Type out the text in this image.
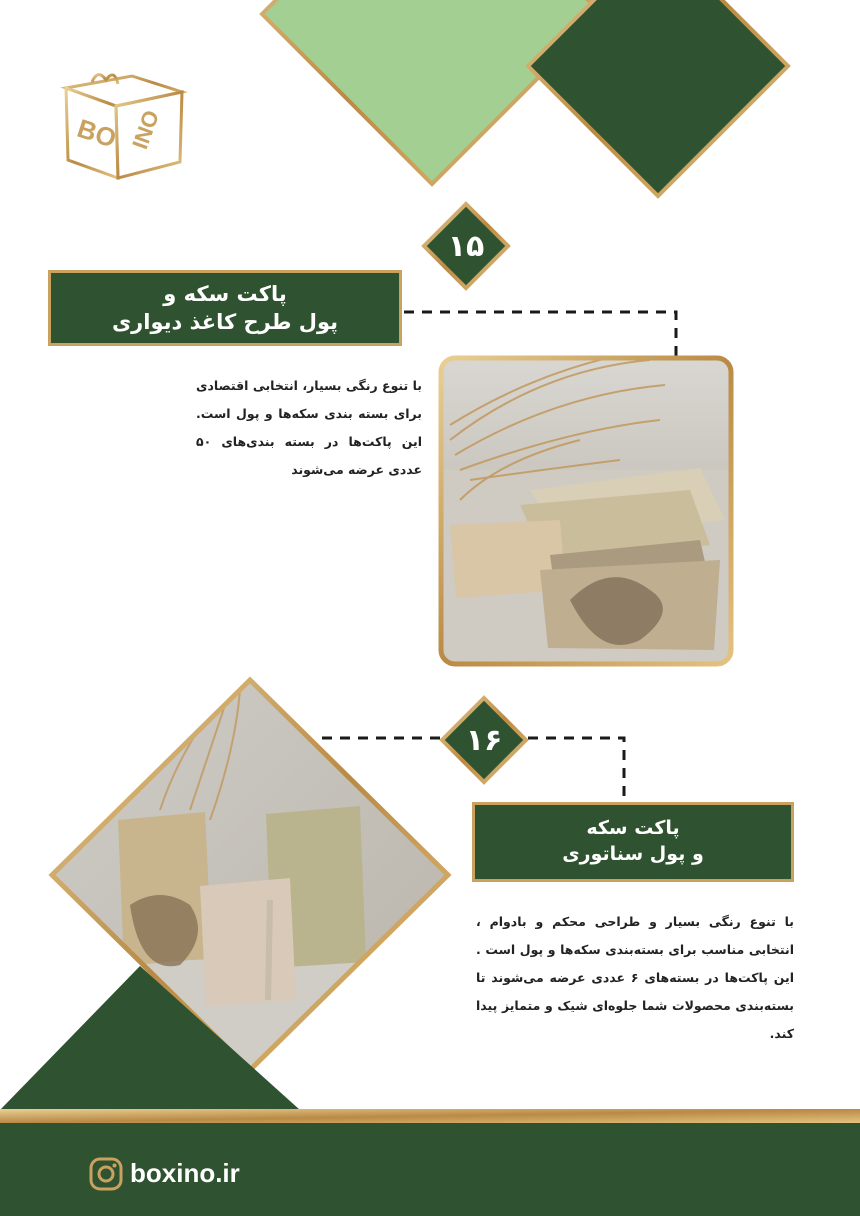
BO INO
۱۵
پاکت سکه و
پول طرح کاغذ دیواری
با تنوع رنگی بسیار، انتخابی اقتصادی برای بسته بندی سکه‌ها و پول است. این پاکت‌ها در بسته بندی‌های ۵۰ عددی عرضه می‌شوند
۱۶
پاکت سکه
و پول سناتوری
با تنوع رنگی بسیار و طراحی محکم و بادوام ، انتخابی مناسب برای بسته‌بندی سکه‌ها و پول است . این پاکت‌ها در بسته‌های ۶ عددی عرضه می‌شوند تا بسته‌بندی محصولات شما جلوه‌ای شیک و متمایز پیدا کند.
boxino.ir
